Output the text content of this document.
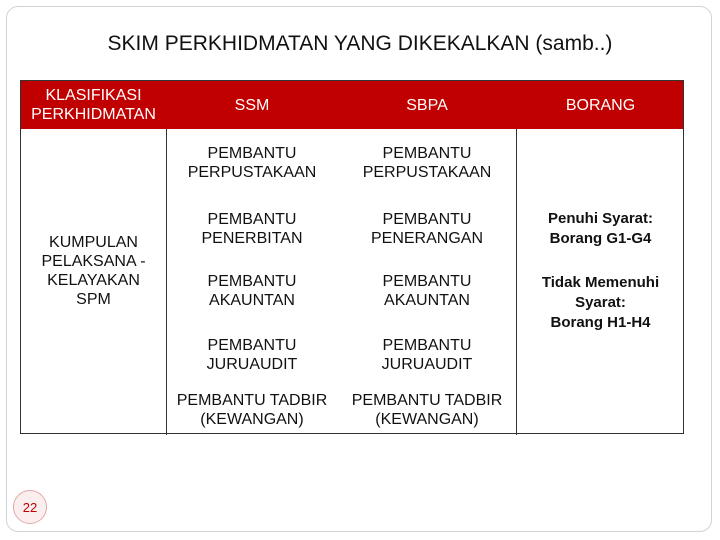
SKIM PERKHIDMATAN YANG DIKEKALKAN (samb..)
KLASIFIKASI
PERKHIDMATAN
SSM	SBPA	BORANG
KUMPULAN
PELAKSANA -
KELAYAKAN
SPM
PEMBANTU
PERPUSTAKAAN
PEMBANTU
PERPUSTAKAAN
PEMBANTU
PENERBITAN
PEMBANTU
PENERANGAN
PEMBANTU
AKAUNTAN
PEMBANTU
AKAUNTAN
PEMBANTU
JURUAUDIT
PEMBANTU
JURUAUDIT
PEMBANTU TADBIR
(KEWANGAN)
PEMBANTU TADBIR
(KEWANGAN)
Penuhi Syarat:
Borang G1-G4
Tidak Memenuhi
Syarat:
Borang H1-H4
22
